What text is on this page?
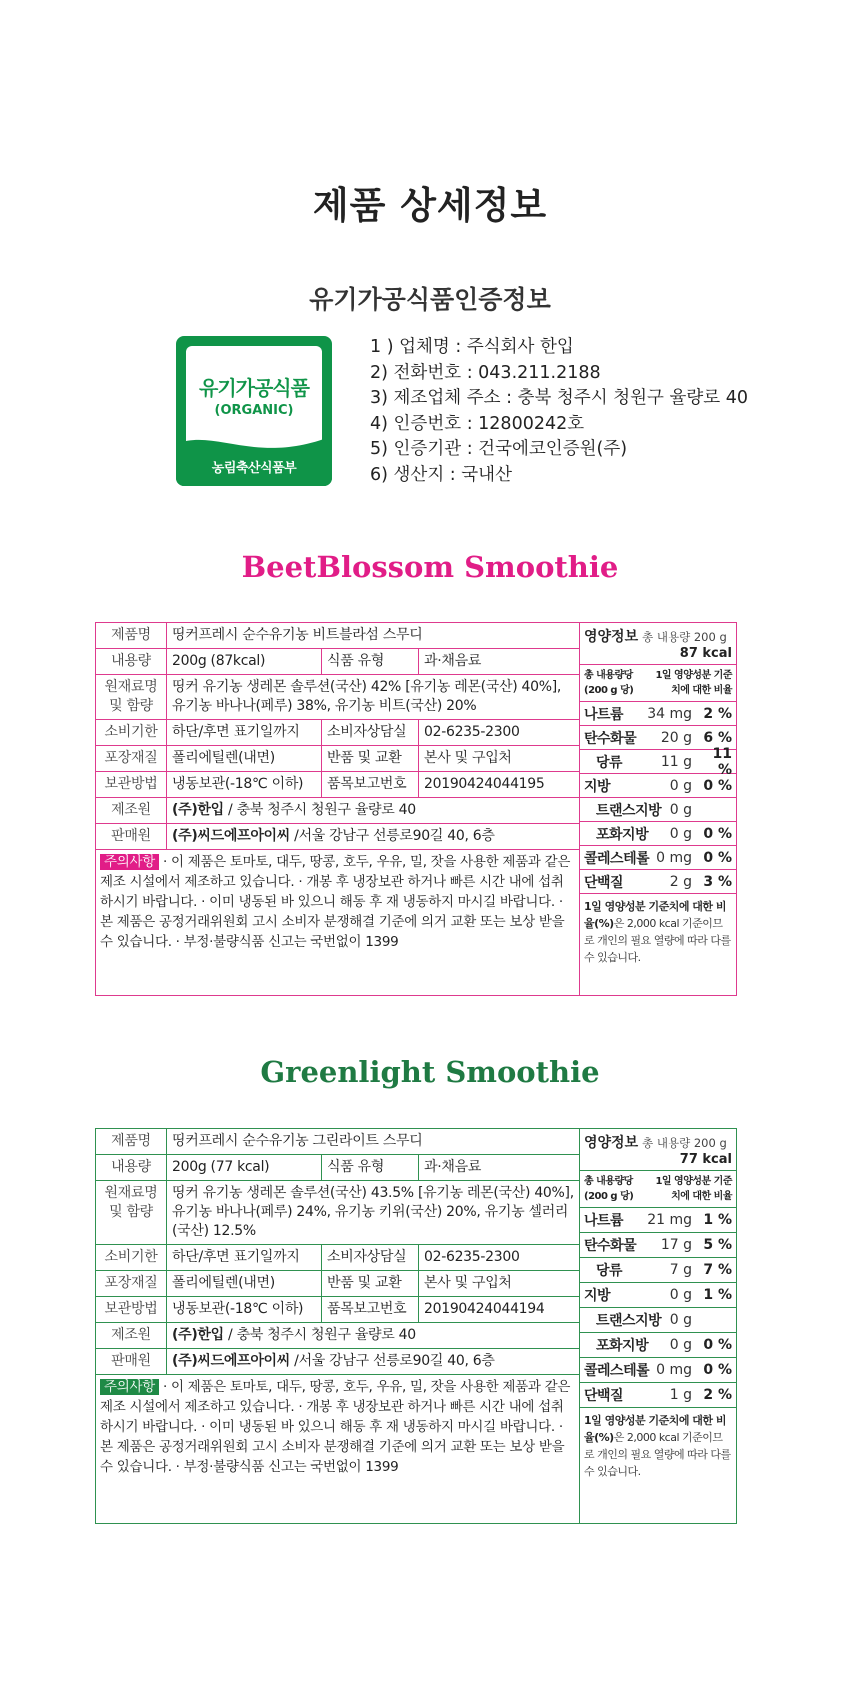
제품 상세정보
유기가공식품인증정보
유기가공식품
(ORGANIC)
농림축산식품부
1 ) 업체명 : 주식회사 한입
2) 전화번호 : 043.211.2188
3) 제조업체 주소 : 충북 청주시 청원구 율량로 40
4) 인증번호 : 12800242호
5) 인증기관 : 건국에코인증원(주)
6) 생산지 : 국내산
BeetBlossom Smoothie
제품명	띵커프레시 순수유기농 비트블라섬 스무디
내용량	200g (87kcal)	식품 유형	과·채음료
원재료명 및 함량
띵커 유기농 생레몬 솔루션(국산) 42% [유기농 레몬(국산) 40%], 유기농 바나나(페루) 38%, 유기농 비트(국산) 20%
소비기한	하단/후면 표기일까지	소비자상담실	02-6235-2300
포장재질	폴리에틸렌(내면)	반품 및 교환	본사 및 구입처
보관방법	냉동보관(-18℃ 이하)	품목보고번호	20190424044195
제조원	(주)한입 / 충북 청주시 청원구 율량로 40
판매원	(주)씨드에프아이씨 /서울 강남구 선릉로90길 40, 6층
주의사항 · 이 제품은 토마토, 대두, 땅콩, 호두, 우유, 밀, 잣을 사용한 제품과 같은 제조 시설에서 제조하고 있습니다. · 개봉 후 냉장보관 하거나 빠른 시간 내에 섭취하시기 바랍니다. · 이미 냉동된 바 있으니 해동 후 재 냉동하지 마시길 바랍니다. · 본 제품은 공정거래위원회 고시 소비자 분쟁해결 기준에 의거 교환 또는 보상 받을 수 있습니다. · 부정·불량식품 신고는 국번없이 1399
영양정보 총 내용량 200 g
87 kcal
총 내용량당 (200 g 당)
1일 영양성분 기준치에 대한 비율
나트륨 34 mg 2 %
탄수화물 20 g 6 %
당류	11 g	11 %
지방	0 g 0 %
트랜스지방 0 g
포화지방 0 g 0 %
콜레스테롤 0 mg 0 %
단백질	2 g 3 %
1일 영양성분 기준치에 대한 비율(%)은 2,000 kcal 기준이므로 개인의 필요 열량에 따라 다를 수 있습니다.
Greenlight Smoothie
제품명	띵커프레시 순수유기농 그린라이트 스무디
내용량	200g (77 kcal)	식품 유형	과·채음료
원재료명 및 함량
띵커 유기농 생레몬 솔루션(국산) 43.5% [유기농 레몬(국산) 40%], 유기농 바나나(페루) 24%, 유기농 키위(국산) 20%, 유기농 셀러리(국산) 12.5%
소비기한	하단/후면 표기일까지	소비자상담실	02-6235-2300
포장재질	폴리에틸렌(내면)	반품 및 교환	본사 및 구입처
보관방법	냉동보관(-18℃ 이하)	품목보고번호	20190424044194
제조원	(주)한입 / 충북 청주시 청원구 율량로 40
판매원	(주)씨드에프아이씨 /서울 강남구 선릉로90길 40, 6층
주의사항 · 이 제품은 토마토, 대두, 땅콩, 호두, 우유, 밀, 잣을 사용한 제품과 같은 제조 시설에서 제조하고 있습니다. · 개봉 후 냉장보관 하거나 빠른 시간 내에 섭취하시기 바랍니다. · 이미 냉동된 바 있으니 해동 후 재 냉동하지 마시길 바랍니다. · 본 제품은 공정거래위원회 고시 소비자 분쟁해결 기준에 의거 교환 또는 보상 받을 수 있습니다. · 부정·불량식품 신고는 국번없이 1399
영양정보 총 내용량 200 g
77 kcal
총 내용량당 (200 g 당)
1일 영양성분 기준치에 대한 비율
나트륨 21 mg 1 %
탄수화물 17 g 5 %
당류	7 g 7 %
지방	0 g 1 %
트랜스지방 0 g
포화지방 0 g 0 %
콜레스테롤 0 mg 0 %
단백질	1 g 2 %
1일 영양성분 기준치에 대한 비율(%)은 2,000 kcal 기준이므로 개인의 필요 열량에 따라 다를 수 있습니다.
